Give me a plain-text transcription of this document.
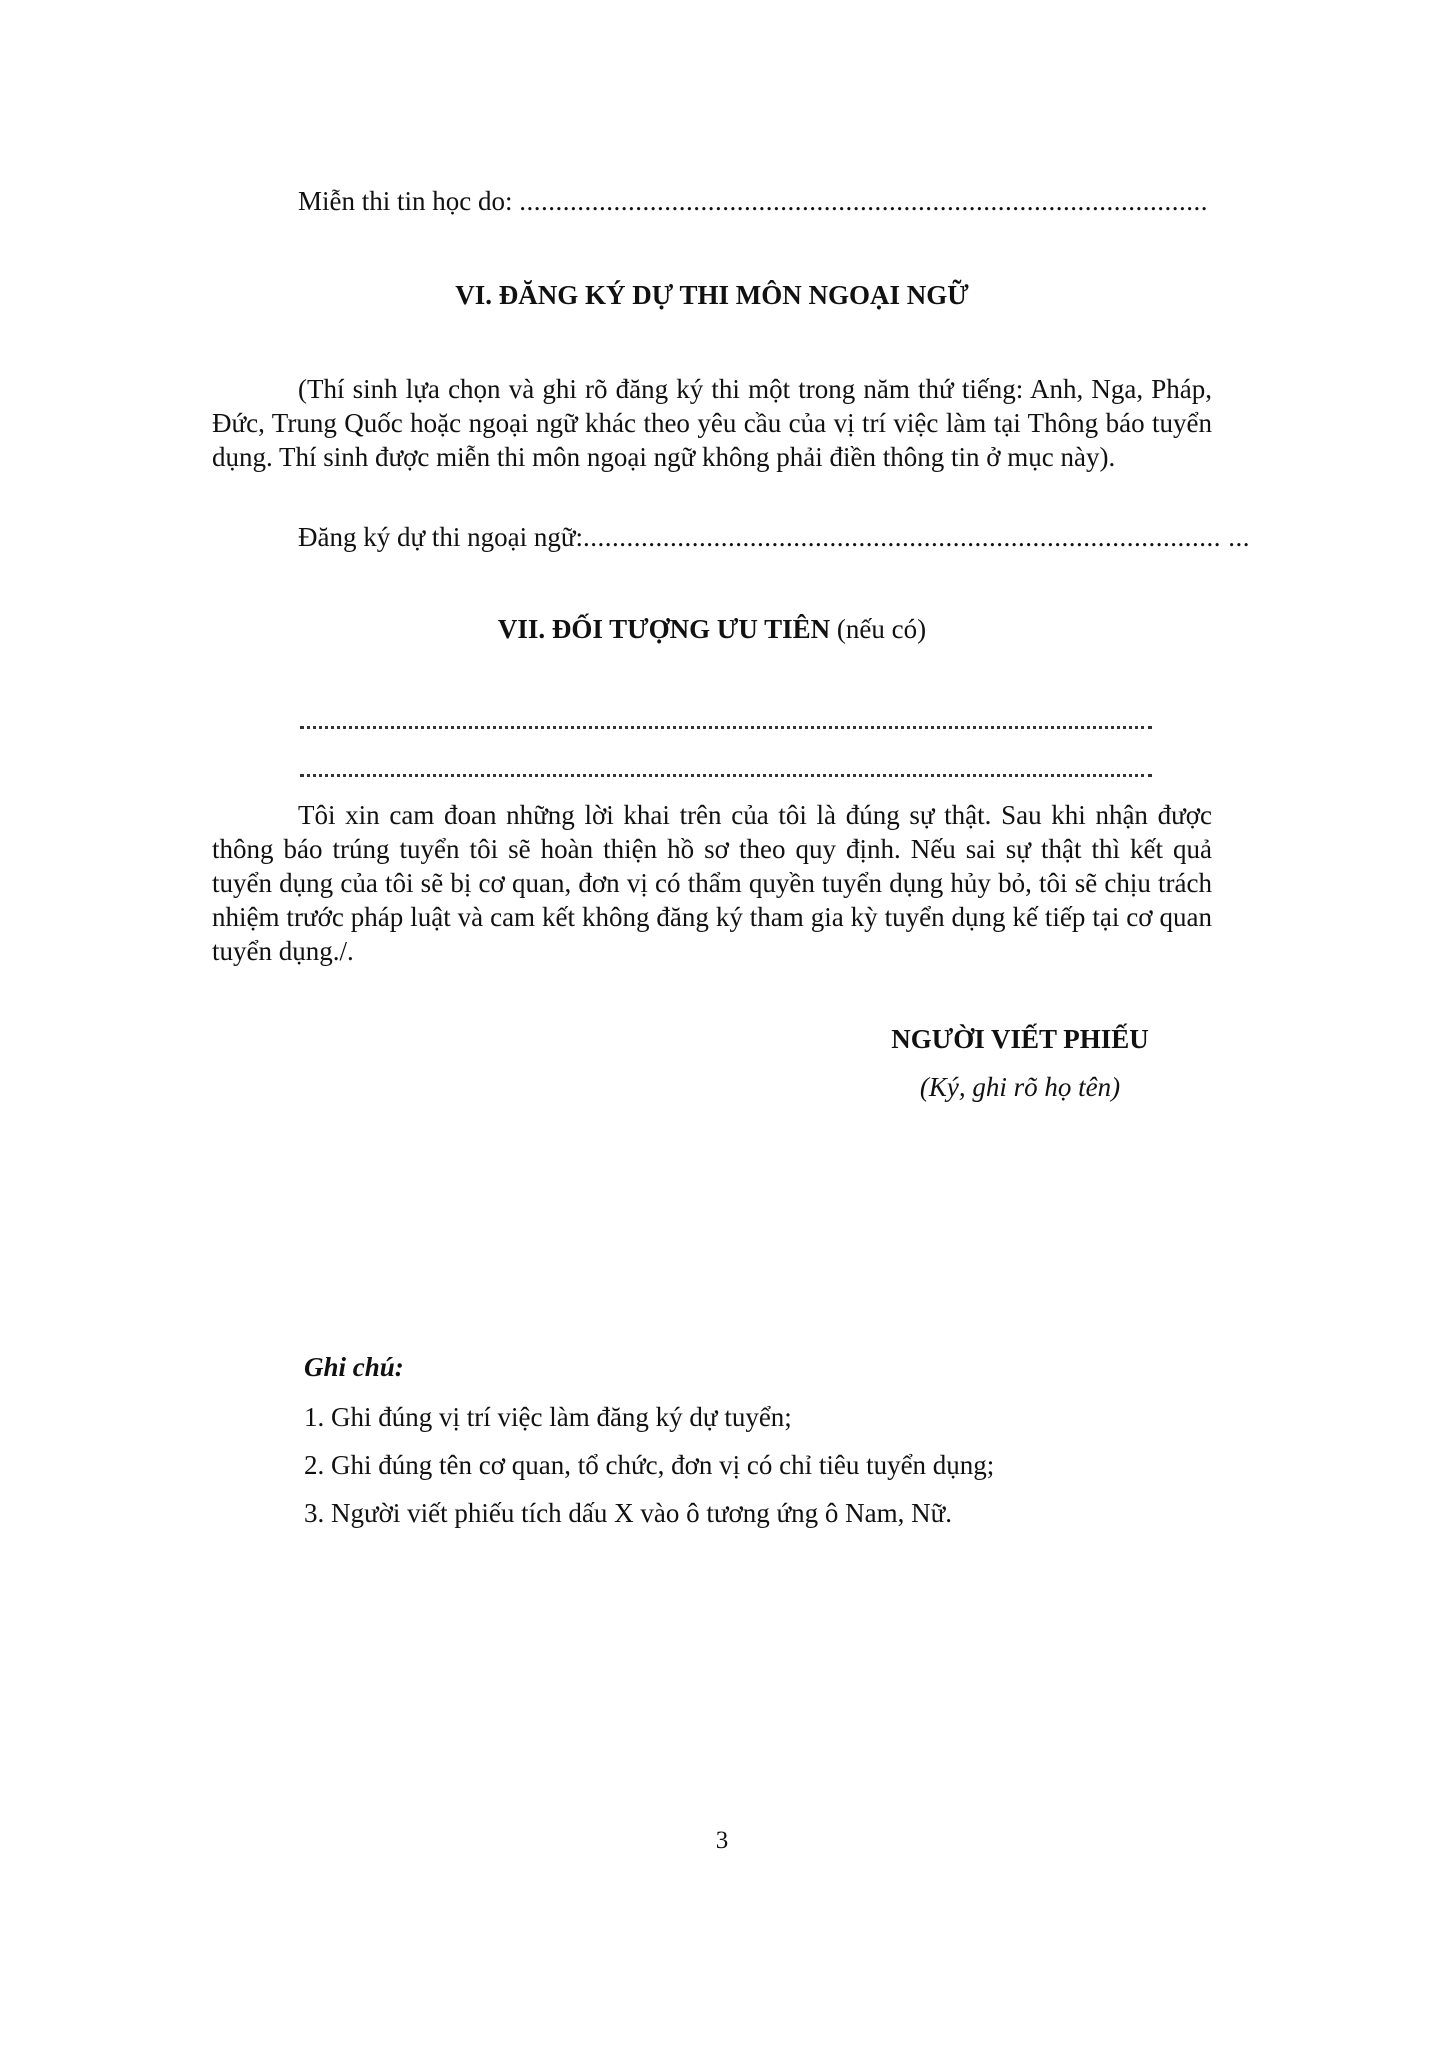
Miễn thi tin học do: ...............................................................................................
VI. ĐĂNG KÝ DỰ THI MÔN NGOẠI NGỮ
(Thí sinh lựa chọn và ghi rõ đăng ký thi một trong năm thứ tiếng: Anh, Nga, Pháp, Đức, Trung Quốc hoặc ngoại ngữ khác theo yêu cầu của vị trí việc làm tại Thông báo tuyển dụng. Thí sinh được miễn thi môn ngoại ngữ không phải điền thông tin ở mục này).
Đăng ký dự thi ngoại ngữ:........................................................................................ ...
VII. ĐỐI TƯỢNG ƯU TIÊN (nếu có)
Tôi xin cam đoan những lời khai trên của tôi là đúng sự thật. Sau khi nhận được thông báo trúng tuyển tôi sẽ hoàn thiện hồ sơ theo quy định. Nếu sai sự thật thì kết quả tuyển dụng của tôi sẽ bị cơ quan, đơn vị có thẩm quyền tuyển dụng hủy bỏ, tôi sẽ chịu trách nhiệm trước pháp luật và cam kết không đăng ký tham gia kỳ tuyển dụng kế tiếp tại cơ quan tuyển dụng./.
NGƯỜI VIẾT PHIẾU
(Ký, ghi rõ họ tên)
Ghi chú:
1. Ghi đúng vị trí việc làm đăng ký dự tuyển;
2. Ghi đúng tên cơ quan, tổ chức, đơn vị có chỉ tiêu tuyển dụng;
3. Người viết phiếu tích dấu X vào ô tương ứng ô Nam, Nữ.
3
